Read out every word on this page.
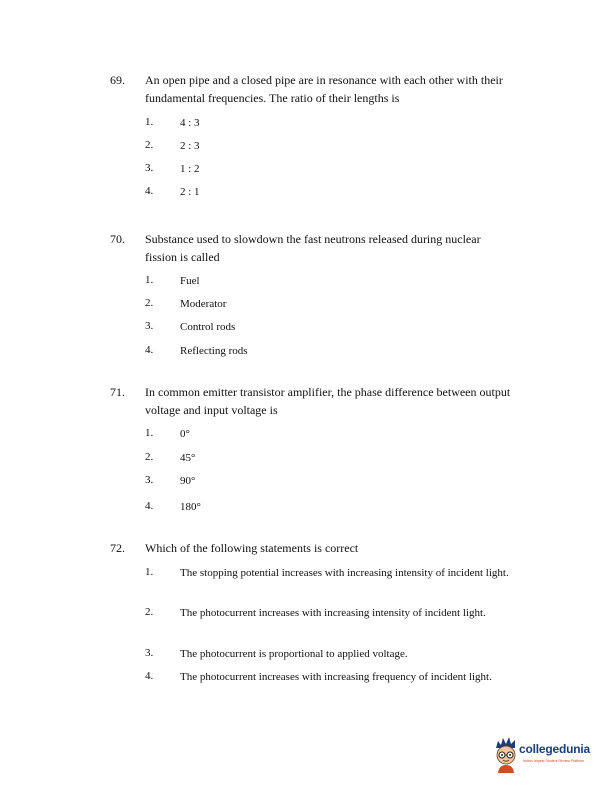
69. An open pipe and a closed pipe are in resonance with each other with their fundamental frequencies. The ratio of their lengths is
1. 4 : 3
2. 2 : 3
3. 1 : 2
4. 2 : 1
70. Substance used to slowdown the fast neutrons released during nuclear fission is called
1. Fuel
2. Moderator
3. Control rods
4. Reflecting rods
71. In common emitter transistor amplifier, the phase difference between output voltage and input voltage is
1. 0°
2. 45°
3. 90°
4. 180°
72. Which of the following statements is correct
1. The stopping potential increases with increasing intensity of incident light.
2. The photocurrent increases with increasing intensity of incident light.
3. The photocurrent is proportional to applied voltage.
4. The photocurrent increases with increasing frequency of incident light.
collegedunia
India's largest Student Review Platform
